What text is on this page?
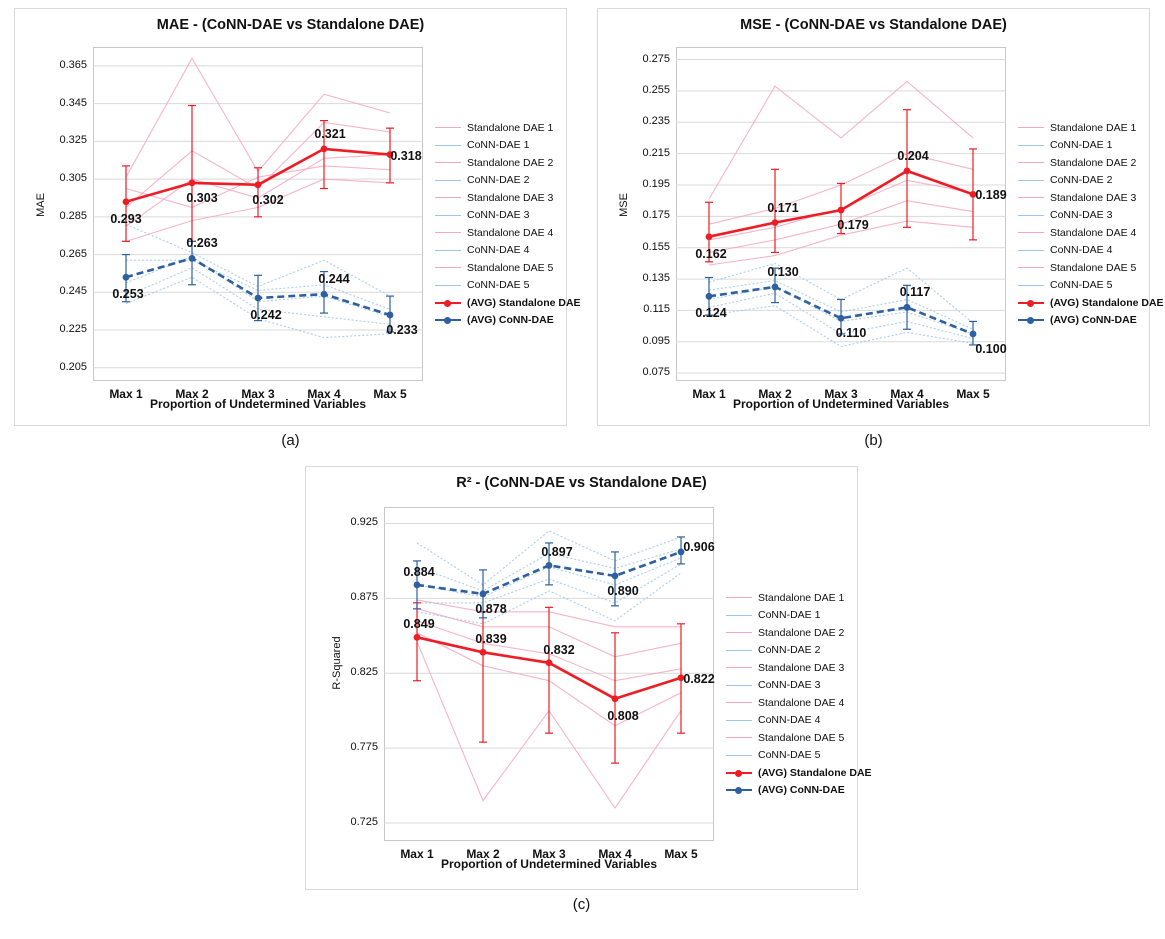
MAE - (CoNN-DAE vs Standalone DAE)
MAE
0.205
0.225
0.245
0.265
0.285
0.305
0.325
0.345
0.365
Max 1	Max 2	Max 3	Max 4	Max 5
0.293
0.303	0.302
0.321
0.318
0.253
0.263
0.242
0.244
0.233
Proportion of Undetermined Variables
Standalone DAE 1
CoNN-DAE 1
Standalone DAE 2
CoNN-DAE 2
Standalone DAE 3
CoNN-DAE 3
Standalone DAE 4
CoNN-DAE 4
Standalone DAE 5
CoNN-DAE 5
(AVG) Standalone DAE
(AVG) CoNN-DAE
(a)
MSE - (CoNN-DAE vs Standalone DAE)
MSE
0.075
0.095
0.115
0.135
0.155
0.175
0.195
0.215
0.235
0.255
0.275
Max 1	Max 2	Max 3	Max 4	Max 5
0.162
0.171
0.179
0.204
0.189
0.124
0.130
0.110
0.117
0.100
Proportion of Undetermined Variables
Standalone DAE 1
CoNN-DAE 1
Standalone DAE 2
CoNN-DAE 2
Standalone DAE 3
CoNN-DAE 3
Standalone DAE 4
CoNN-DAE 4
Standalone DAE 5
CoNN-DAE 5
(AVG) Standalone DAE
(AVG) CoNN-DAE
(b)
R² - (CoNN-DAE vs Standalone DAE)
R-Squared
0.725
0.775
0.825
0.875
0.925
Max 1	Max 2	Max 3	Max 4	Max 5
0.849
0.839
0.832
0.808
0.822
0.884
0.878
0.897
0.890
0.906
Proportion of Undetermined Variables
Standalone DAE 1
CoNN-DAE 1
Standalone DAE 2
CoNN-DAE 2
Standalone DAE 3
CoNN-DAE 3
Standalone DAE 4
CoNN-DAE 4
Standalone DAE 5
CoNN-DAE 5
(AVG) Standalone DAE
(AVG) CoNN-DAE
(c)
